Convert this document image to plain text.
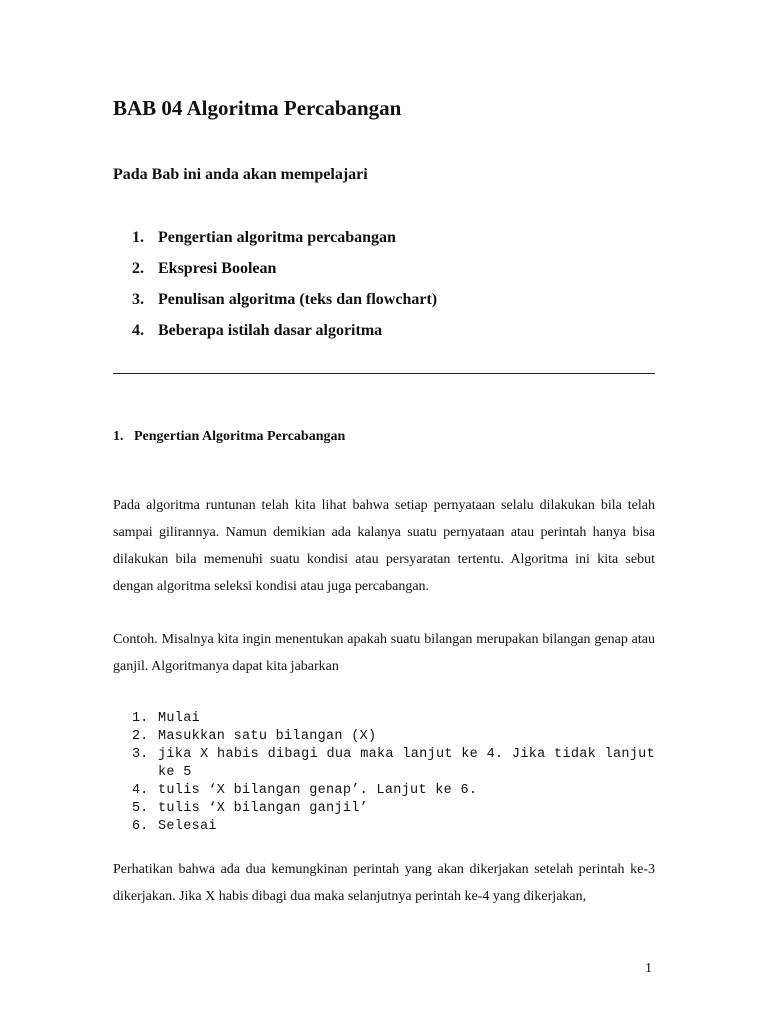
BAB 04 Algoritma Percabangan

Pada Bab ini anda akan mempelajari

1. Pengertian algoritma percabangan
2. Ekspresi Boolean
3. Penulisan algoritma (teks dan flowchart)
4. Beberapa istilah dasar algoritma
1. Pengertian Algoritma Percabangan

Pada algoritma runtunan telah kita lihat bahwa setiap pernyataan selalu dilakukan bila telah sampai gilirannya. Namun demikian ada kalanya suatu pernyataan atau perintah hanya bisa dilakukan bila memenuhi suatu kondisi atau persyaratan tertentu. Algoritma ini kita sebut dengan algoritma seleksi kondisi atau juga percabangan.

Contoh. Misalnya kita ingin menentukan apakah suatu bilangan merupakan bilangan genap atau ganjil. Algoritmanya dapat kita jabarkan

1. Mulai
2. Masukkan satu bilangan (X)
3. jika X habis dibagi dua maka lanjut ke 4. Jika tidak lanjut ke 5
4. tulis ‘X bilangan genap’. Lanjut ke 6.
5. tulis ‘X bilangan ganjil’
6. Selesai

Perhatikan bahwa ada dua kemungkinan perintah yang akan dikerjakan setelah perintah ke-3 dikerjakan. Jika X habis dibagi dua maka selanjutnya perintah ke-4 yang dikerjakan,

1
